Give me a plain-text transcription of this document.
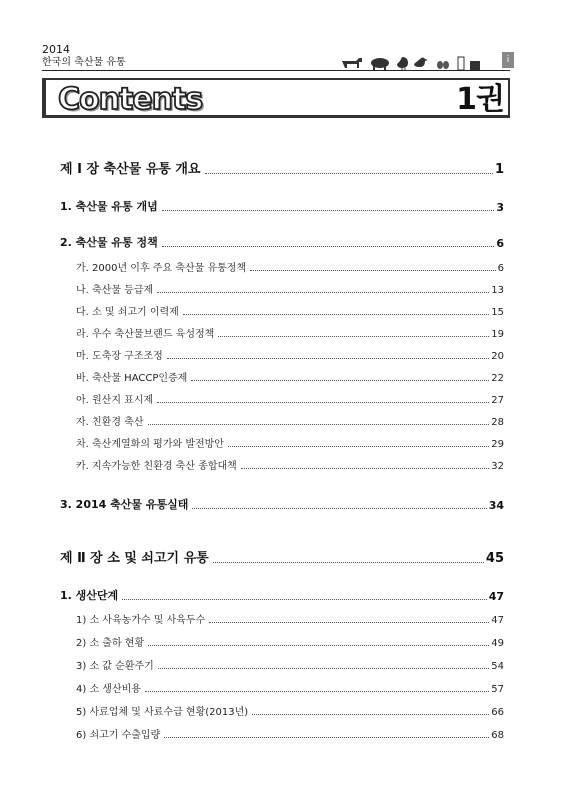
2014
한국의 축산물 유통	i
Contents	1권
제 I 장 축산물 유통 개요	1
1. 축산물 유통 개념	3
2. 축산물 유통 정책	6
가. 2000년 이후 주요 축산물 유통정책	6
나. 축산물 등급제	13
다. 소 및 쇠고기 이력제	15
라. 우수 축산물브랜드 육성정책	19
마. 도축장 구조조정	20
바. 축산물 HACCP인증제	22
아. 원산지 표시제	27
자. 친환경 축산	28
차. 축산계열화의 평가와 발전방안	29
카. 지속가능한 친환경 축산 종합대책	32
3. 2014 축산물 유통실태	34
제 Ⅱ 장 소 및 쇠고기 유통	45
1. 생산단계	47
1) 소 사육농가수 및 사육두수	47
2) 소 출하 현황	49
3) 소 값 순환주기	54
4) 소 생산비용	57
5) 사료업체 및 사료수급 현황(2013년)	66
6) 쇠고기 수출입량	68
